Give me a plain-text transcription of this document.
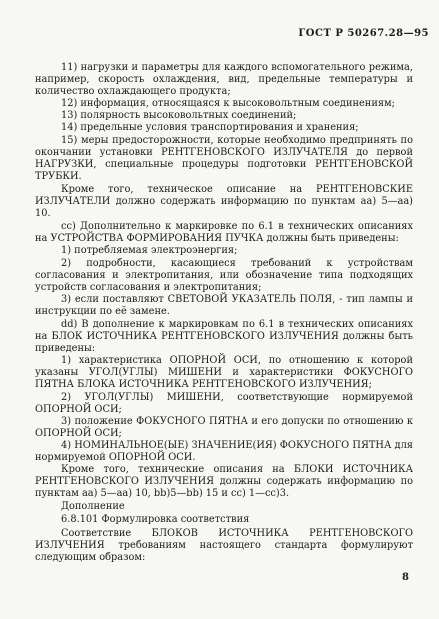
ГОСТ Р 50267.28—95

11) нагрузки и параметры для каждого вспомогательного режима, например, скорость охлаждения, вид, предельные температуры и количество охлаждающего продукта;

12) информация, относящаяся к высоковольтным соединениям;

13) полярность высоковольтных соединений;

14) предельные условия транспортирования и хранения;

15) меры предосторожности, которые необходимо предпринять по окончании установки РЕНТГЕНОВСКОГО ИЗЛУЧАТЕЛЯ до первой НАГРУЗКИ, специальные процедуры подготовки РЕНТГЕНОВСКОЙ ТРУБКИ.

Кроме того, техническое описание на РЕНТГЕНОВСКИЕ ИЗЛУЧАТЕЛИ должно содержать информацию по пунктам аа) 5—аа) 10.

сс) Дополнительно к маркировке по 6.1 в технических описаниях на УСТРОЙСТВА ФОРМИРОВАНИЯ ПУЧКА должны быть приведены:

1) потребляемая электроэнергия;

2) подробности, касающиеся требований к устройствам согласования и электропитания, или обозначение типа подходящих устройств согласования и электропитания;

3) если поставляют СВЕТОВОЙ УКАЗАТЕЛЬ ПОЛЯ, - тип лампы и инструкции по её замене.

dd) В дополнение к маркировкам по 6.1 в технических описаниях на БЛОК ИСТОЧНИКА РЕНТГЕНОВСКОГО ИЗЛУЧЕНИЯ должны быть приведены:

1) характеристика ОПОРНОЙ ОСИ, по отношению к которой указаны УГОЛ(УГЛЫ) МИШЕНИ и характеристики ФОКУСНОГО ПЯТНА БЛОКА ИСТОЧНИКА РЕНТГЕНОВСКОГО ИЗЛУЧЕНИЯ;

2) УГОЛ(УГЛЫ) МИШЕНИ, соответствующие нормируемой ОПОРНОЙ ОСИ;

3) положение ФОКУСНОГО ПЯТНА и его допуски по отношению к ОПОРНОЙ ОСИ;

4) НОМИНАЛЬНОЕ(ЫЕ) ЗНАЧЕНИЕ(ИЯ) ФОКУСНОГО ПЯТНА для нормируемой ОПОРНОЙ ОСИ.

Кроме того, технические описания на БЛОКИ ИСТОЧНИКА РЕНТГЕНОВСКОГО ИЗЛУЧЕНИЯ должны содержать информацию по пунктам аа) 5—аа) 10, bb)5—bb) 15 и сс) 1—сс)3.

Дополнение

6.8.101 Формулировка соответствия

Соответствие БЛОКОВ ИСТОЧНИКА РЕНТГЕНОВСКОГО ИЗЛУЧЕНИЯ требованиям настоящего стандарта формулируют следующим образом:

8
